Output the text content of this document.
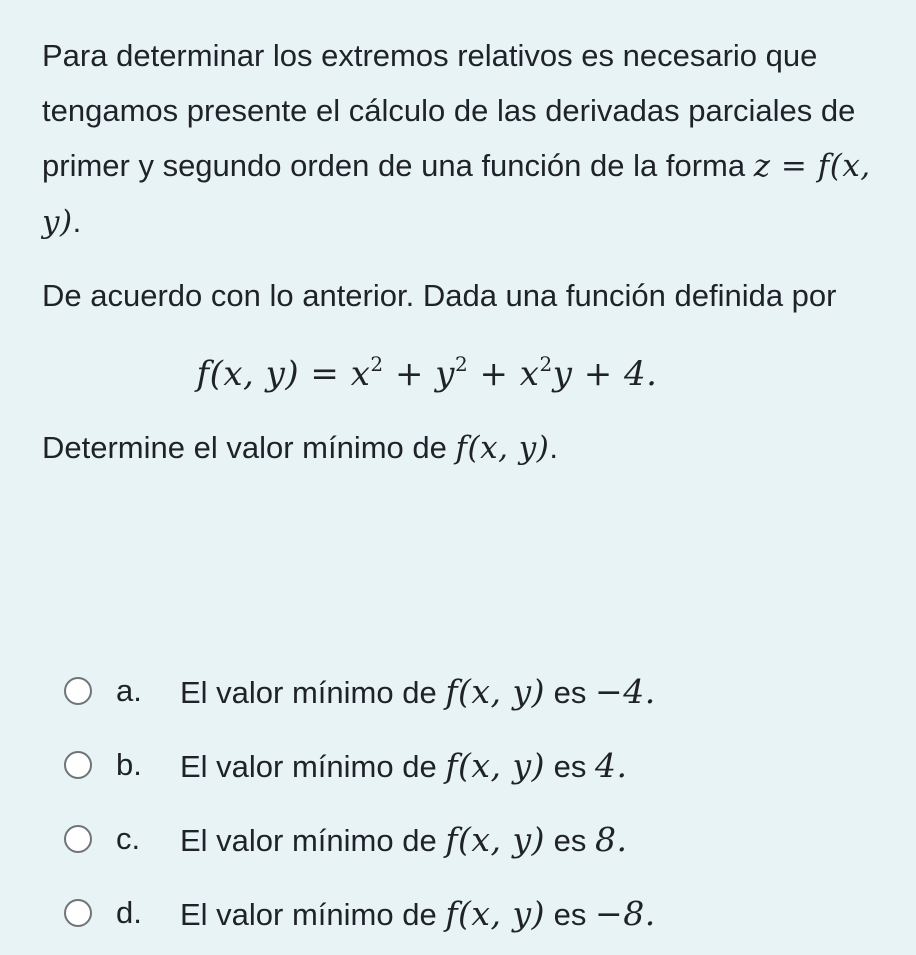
Para determinar los extremos relativos es necesario que tengamos presente el cálculo de las derivadas parciales de primer y segundo orden de una función de la forma z = f(x, y).

De acuerdo con lo anterior. Dada una función definida por

f(x, $y) = x^2 + y^2 + x^2y + 4$.

Determine el valor mínimo de f(x, y).

a.	El valor mínimo de f(x, y) es −4.
b.	El valor mínimo de f(x, y) es 4.
c.	El valor mínimo de f(x, y) es 8.
d.	El valor mínimo de f(x, y) es −8.
